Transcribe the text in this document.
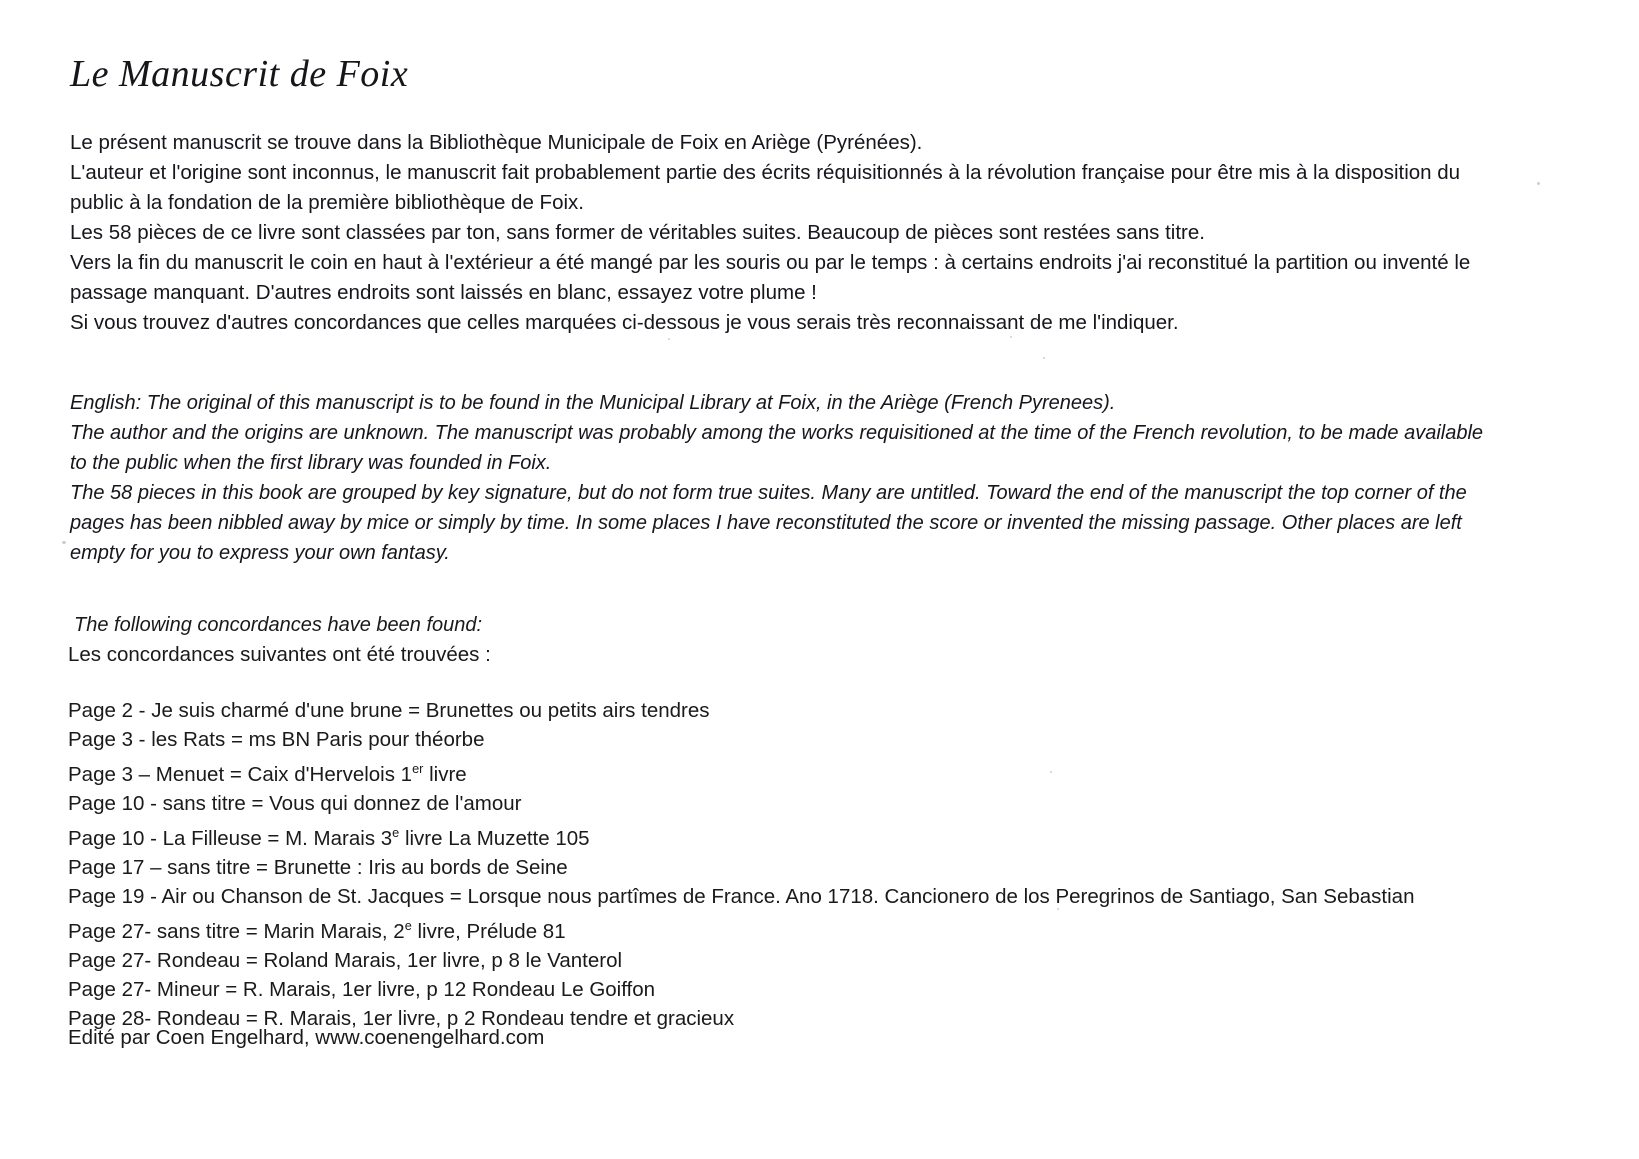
Le Manuscrit de Foix

Le présent manuscrit se trouve dans la Bibliothèque Municipale de Foix en Ariège (Pyrénées).

L'auteur et l'origine sont inconnus, le manuscrit fait probablement partie des écrits réquisitionnés à la révolution française pour être mis à la disposition du public à la fondation de la première bibliothèque de Foix.

Les 58 pièces de ce livre sont classées par ton, sans former de véritables suites. Beaucoup de pièces sont restées sans titre.

Vers la fin du manuscrit le coin en haut à l'extérieur a été mangé par les souris ou par le temps : à certains endroits j'ai reconstitué la partition ou inventé le passage manquant. D'autres endroits sont laissés en blanc, essayez votre plume !

Si vous trouvez d'autres concordances que celles marquées ci-dessous je vous serais très reconnaissant de me l'indiquer.

English: The original of this manuscript is to be found in the Municipal Library at Foix, in the Ariège (French Pyrenees).

The author and the origins are unknown. The manuscript was probably among the works requisitioned at the time of the French revolution, to be made available to the public when the first library was founded in Foix.

The 58 pieces in this book are grouped by key signature, but do not form true suites. Many are untitled. Toward the end of the manuscript the top corner of the pages has been nibbled away by mice or simply by time. In some places I have reconstituted the score or invented the missing passage. Other places are left empty for you to express your own fantasy.

The following concordances have been found:
Les concordances suivantes ont été trouvées :
Page 2 - Je suis charmé d'une brune = Brunettes ou petits airs tendres
Page 3 - les Rats = ms BN Paris pour théorbe
Page 3 – Menuet = Caix d'Hervelois 1er livre
Page 10 - sans titre = Vous qui donnez de l'amour
Page 10 - La Filleuse = M. Marais 3e livre La Muzette 105
Page 17 – sans titre = Brunette : Iris au bords de Seine
Page 19 - Air ou Chanson de St. Jacques = Lorsque nous partîmes de France. Ano 1718. Cancionero de los Peregrinos de Santiago, San Sebastian
Page 27- sans titre = Marin Marais, 2e livre, Prélude 81
Page 27- Rondeau = Roland Marais, 1er livre, p 8 le Vanterol
Page 27- Mineur = R. Marais, 1er livre, p 12 Rondeau Le Goiffon
Page 28- Rondeau = R. Marais, 1er livre, p 2 Rondeau tendre et gracieux
Edité par Coen Engelhard, www.coenengelhard.com
